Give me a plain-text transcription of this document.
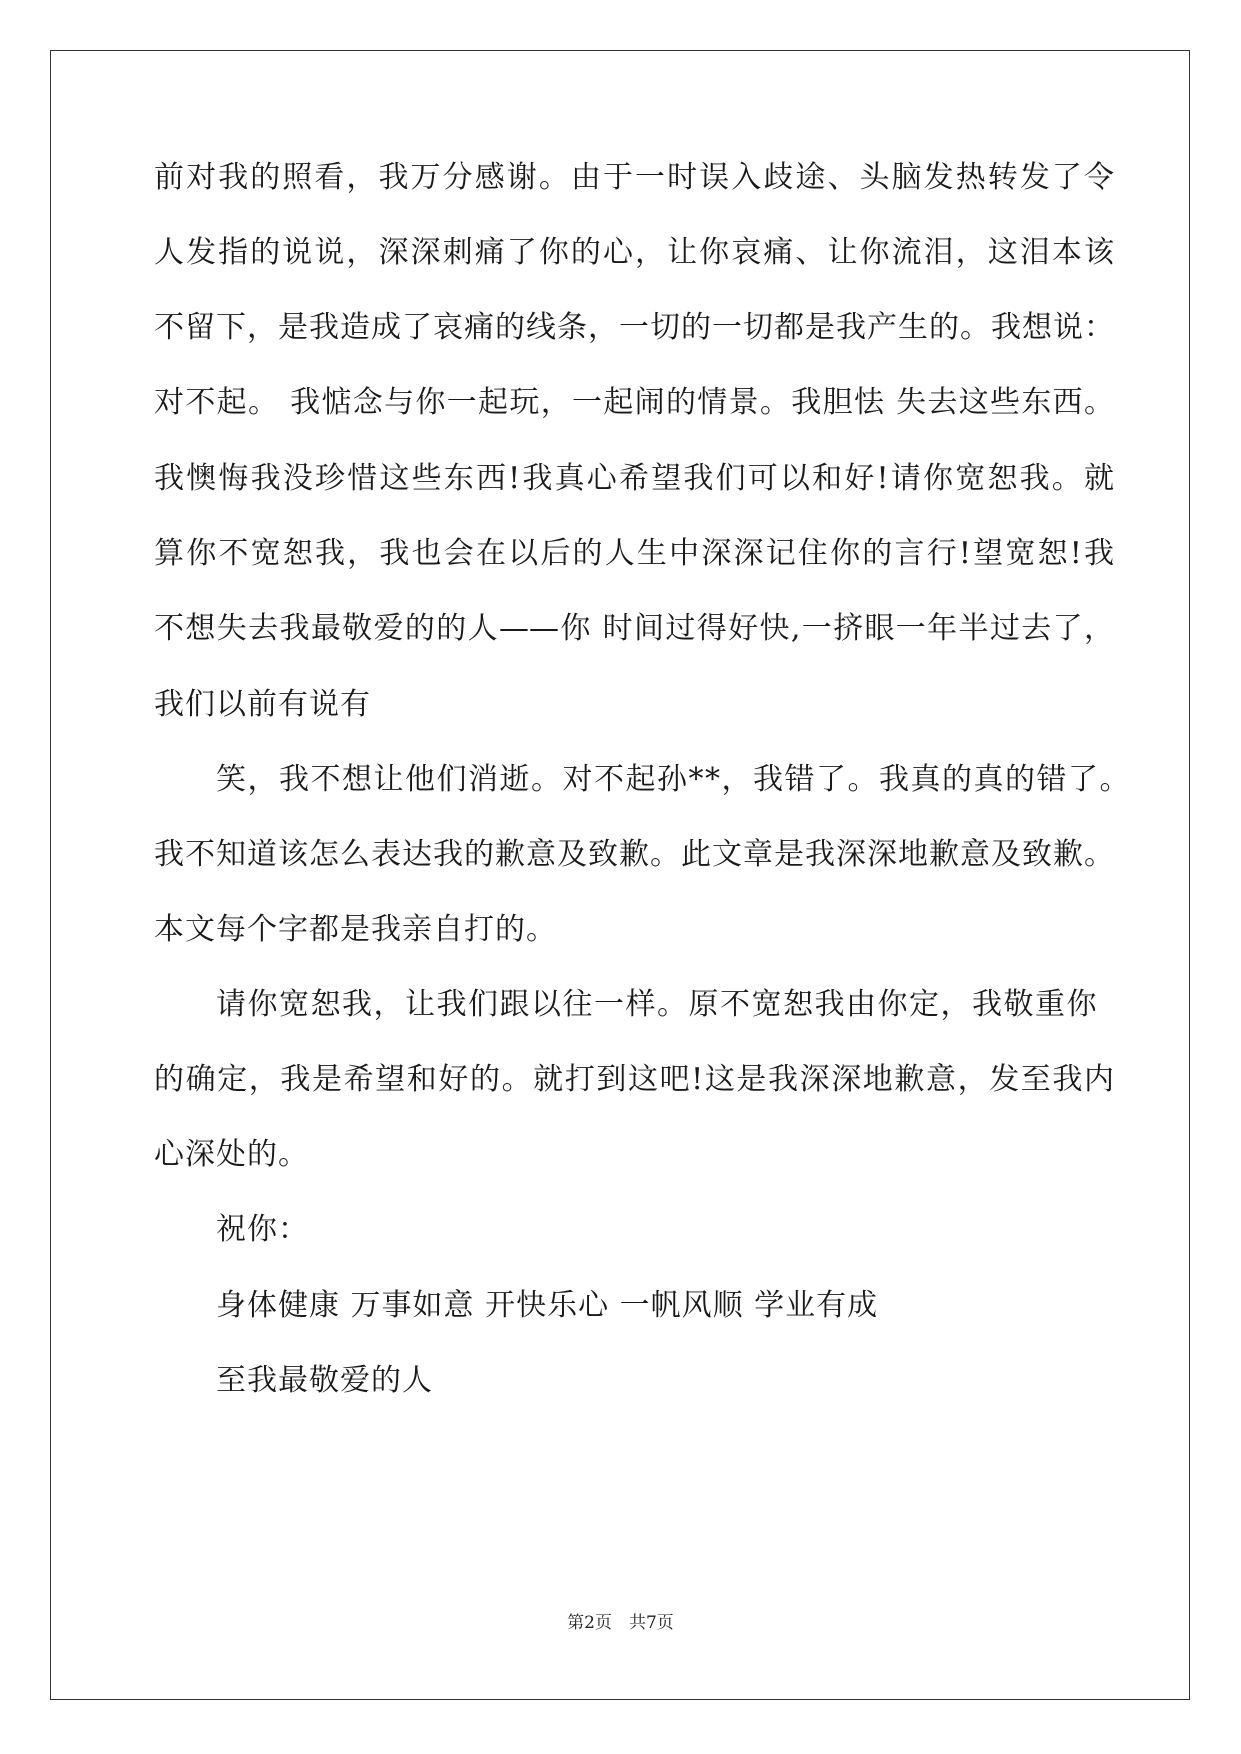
前对我的照看，我万分感谢。由于一时误入歧途、头脑发热转发了令
人发指的说说，深深刺痛了你的心，让你哀痛、让你流泪，这泪本该
不留下，是我造成了哀痛的线条，一切的一切都是我产生的。我想说：
对不起。 我惦念与你一起玩，一起闹的情景。我胆怯 失去这些东西。
我懊悔我没珍惜这些东西!我真心希望我们可以和好!请你宽恕我。就
算你不宽恕我，我也会在以后的人生中深深记住你的言行!望宽恕!我
不想失去我最敬爱的的人——你 时间过得好快,一挤眼一年半过去了，
我们以前有说有
笑，我不想让他们消逝。对不起孙**，我错了。我真的真的错了。
我不知道该怎么表达我的歉意及致歉。此文章是我深深地歉意及致歉。
本文每个字都是我亲自打的。
请你宽恕我，让我们跟以往一样。原不宽恕我由你定，我敬重你
的确定，我是希望和好的。就打到这吧!这是我深深地歉意，发至我内
心深处的。
祝你：
身体健康 万事如意 开快乐心 一帆风顺 学业有成
至我最敬爱的人
第2页　共7页
